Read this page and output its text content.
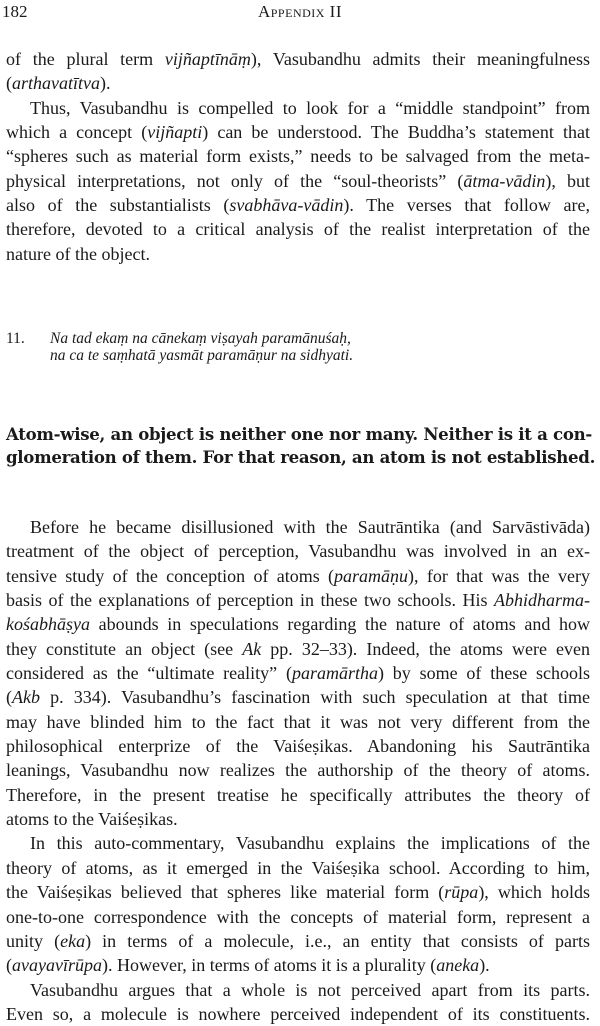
182	Appendix II
of the plural term vijñaptīnāṃ), Vasubandhu admits their meaningfulness
(arthavatītva).
Thus, Vasubandhu is compelled to look for a “middle standpoint” from
which a concept (vijñapti) can be understood. The Buddha’s statement that
“spheres such as material form exists,” needs to be salvaged from the meta-
physical interpretations, not only of the “soul-theorists” (ātma-vādin), but
also of the substantialists (svabhāva-vādin). The verses that follow are,
therefore, devoted to a critical analysis of the realist interpretation of the
nature of the object.
11.	Na tad ekaṃ na cānekaṃ viṣayah paramānuśaḥ,
na ca te saṃhatā yasmāt paramāṇur na sidhyati.
Atom-wise, an object is neither one nor many. Neither is it a con-
glomeration of them. For that reason, an atom is not established.
Before he became disillusioned with the Sautrāntika (and Sarvāstivāda)
treatment of the object of perception, Vasubandhu was involved in an ex-
tensive study of the conception of atoms (paramāṇu), for that was the very
basis of the explanations of perception in these two schools. His Abhidharma-
kośabhāṣya abounds in speculations regarding the nature of atoms and how
they constitute an object (see Ak pp. 32–33). Indeed, the atoms were even
considered as the “ultimate reality” (paramārtha) by some of these schools
(Akb p. 334). Vasubandhu’s fascination with such speculation at that time
may have blinded him to the fact that it was not very different from the
philosophical enterprize of the Vaiśeṣikas. Abandoning his Sautrāntika
leanings, Vasubandhu now realizes the authorship of the theory of atoms.
Therefore, in the present treatise he specifically attributes the theory of
atoms to the Vaiśeṣikas.
In this auto-commentary, Vasubandhu explains the implications of the
theory of atoms, as it emerged in the Vaiśeṣika school. According to him,
the Vaiśeṣikas believed that spheres like material form (rūpa), which holds
one-to-one correspondence with the concepts of material form, represent a
unity (eka) in terms of a molecule, i.e., an entity that consists of parts
(avayavīrūpa). However, in terms of atoms it is a plurality (aneka).
Vasubandhu argues that a whole is not perceived apart from its parts.
Even so, a molecule is nowhere perceived independent of its constituents.
